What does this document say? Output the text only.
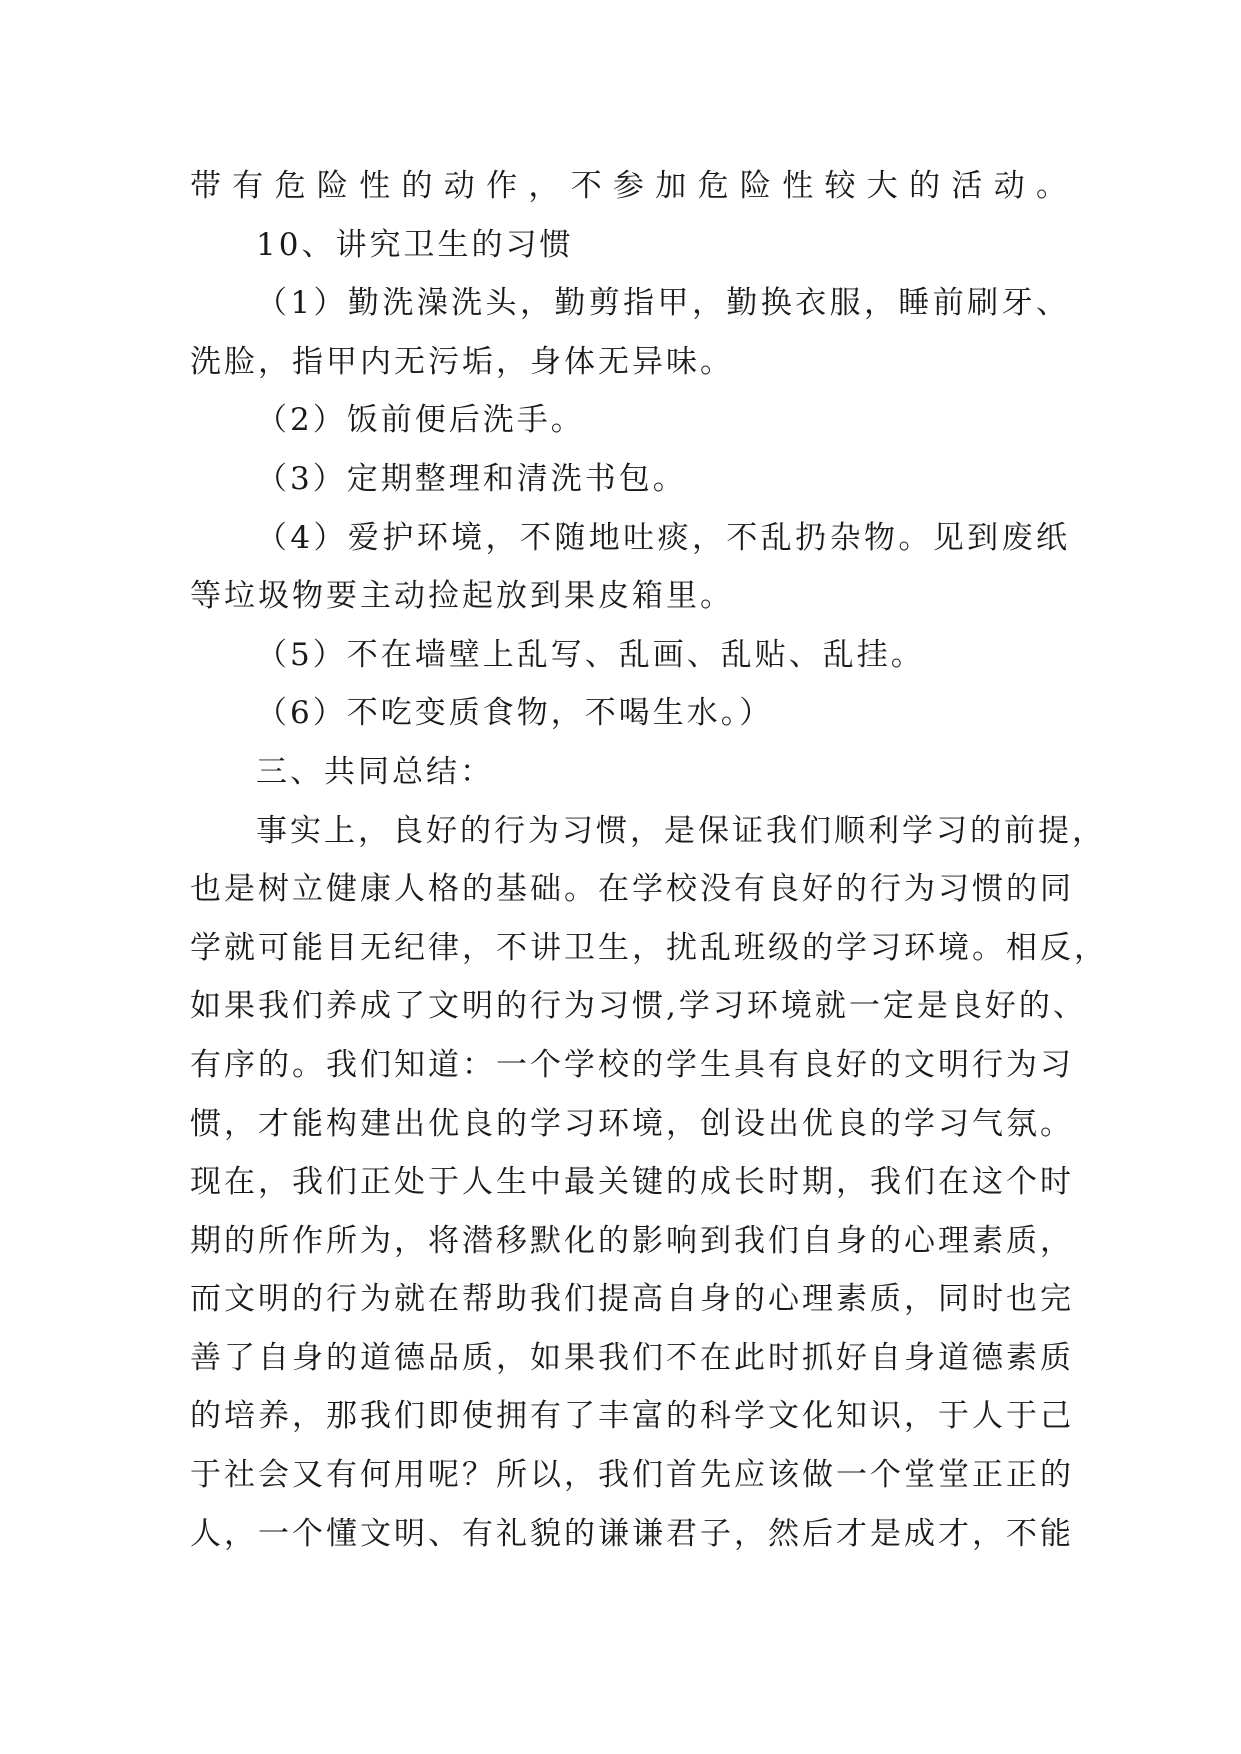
带有危险性的动作，不参加危险性较大的活动。
10、讲究卫生的习惯
（1）勤洗澡洗头，勤剪指甲，勤换衣服，睡前刷牙、
洗脸，指甲内无污垢，身体无异味。
（2）饭前便后洗手。
（3）定期整理和清洗书包。
（4）爱护环境，不随地吐痰，不乱扔杂物。见到废纸
等垃圾物要主动捡起放到果皮箱里。
（5）不在墙壁上乱写、乱画、乱贴、乱挂。
（6）不吃变质食物，不喝生水。）
三、共同总结：
事实上，良好的行为习惯，是保证我们顺利学习的前提，
也是树立健康人格的基础。在学校没有良好的行为习惯的同
学就可能目无纪律，不讲卫生，扰乱班级的学习环境。相反，
如果我们养成了文明的行为习惯,学习环境就一定是良好的、
有序的。我们知道：一个学校的学生具有良好的文明行为习
惯，才能构建出优良的学习环境，创设出优良的学习气氛。
现在，我们正处于人生中最关键的成长时期，我们在这个时
期的所作所为，将潜移默化的影响到我们自身的心理素质，
而文明的行为就在帮助我们提高自身的心理素质，同时也完
善了自身的道德品质，如果我们不在此时抓好自身道德素质
的培养，那我们即使拥有了丰富的科学文化知识，于人于己
于社会又有何用呢？所以，我们首先应该做一个堂堂正正的
人，一个懂文明、有礼貌的谦谦君子，然后才是成才，不能
